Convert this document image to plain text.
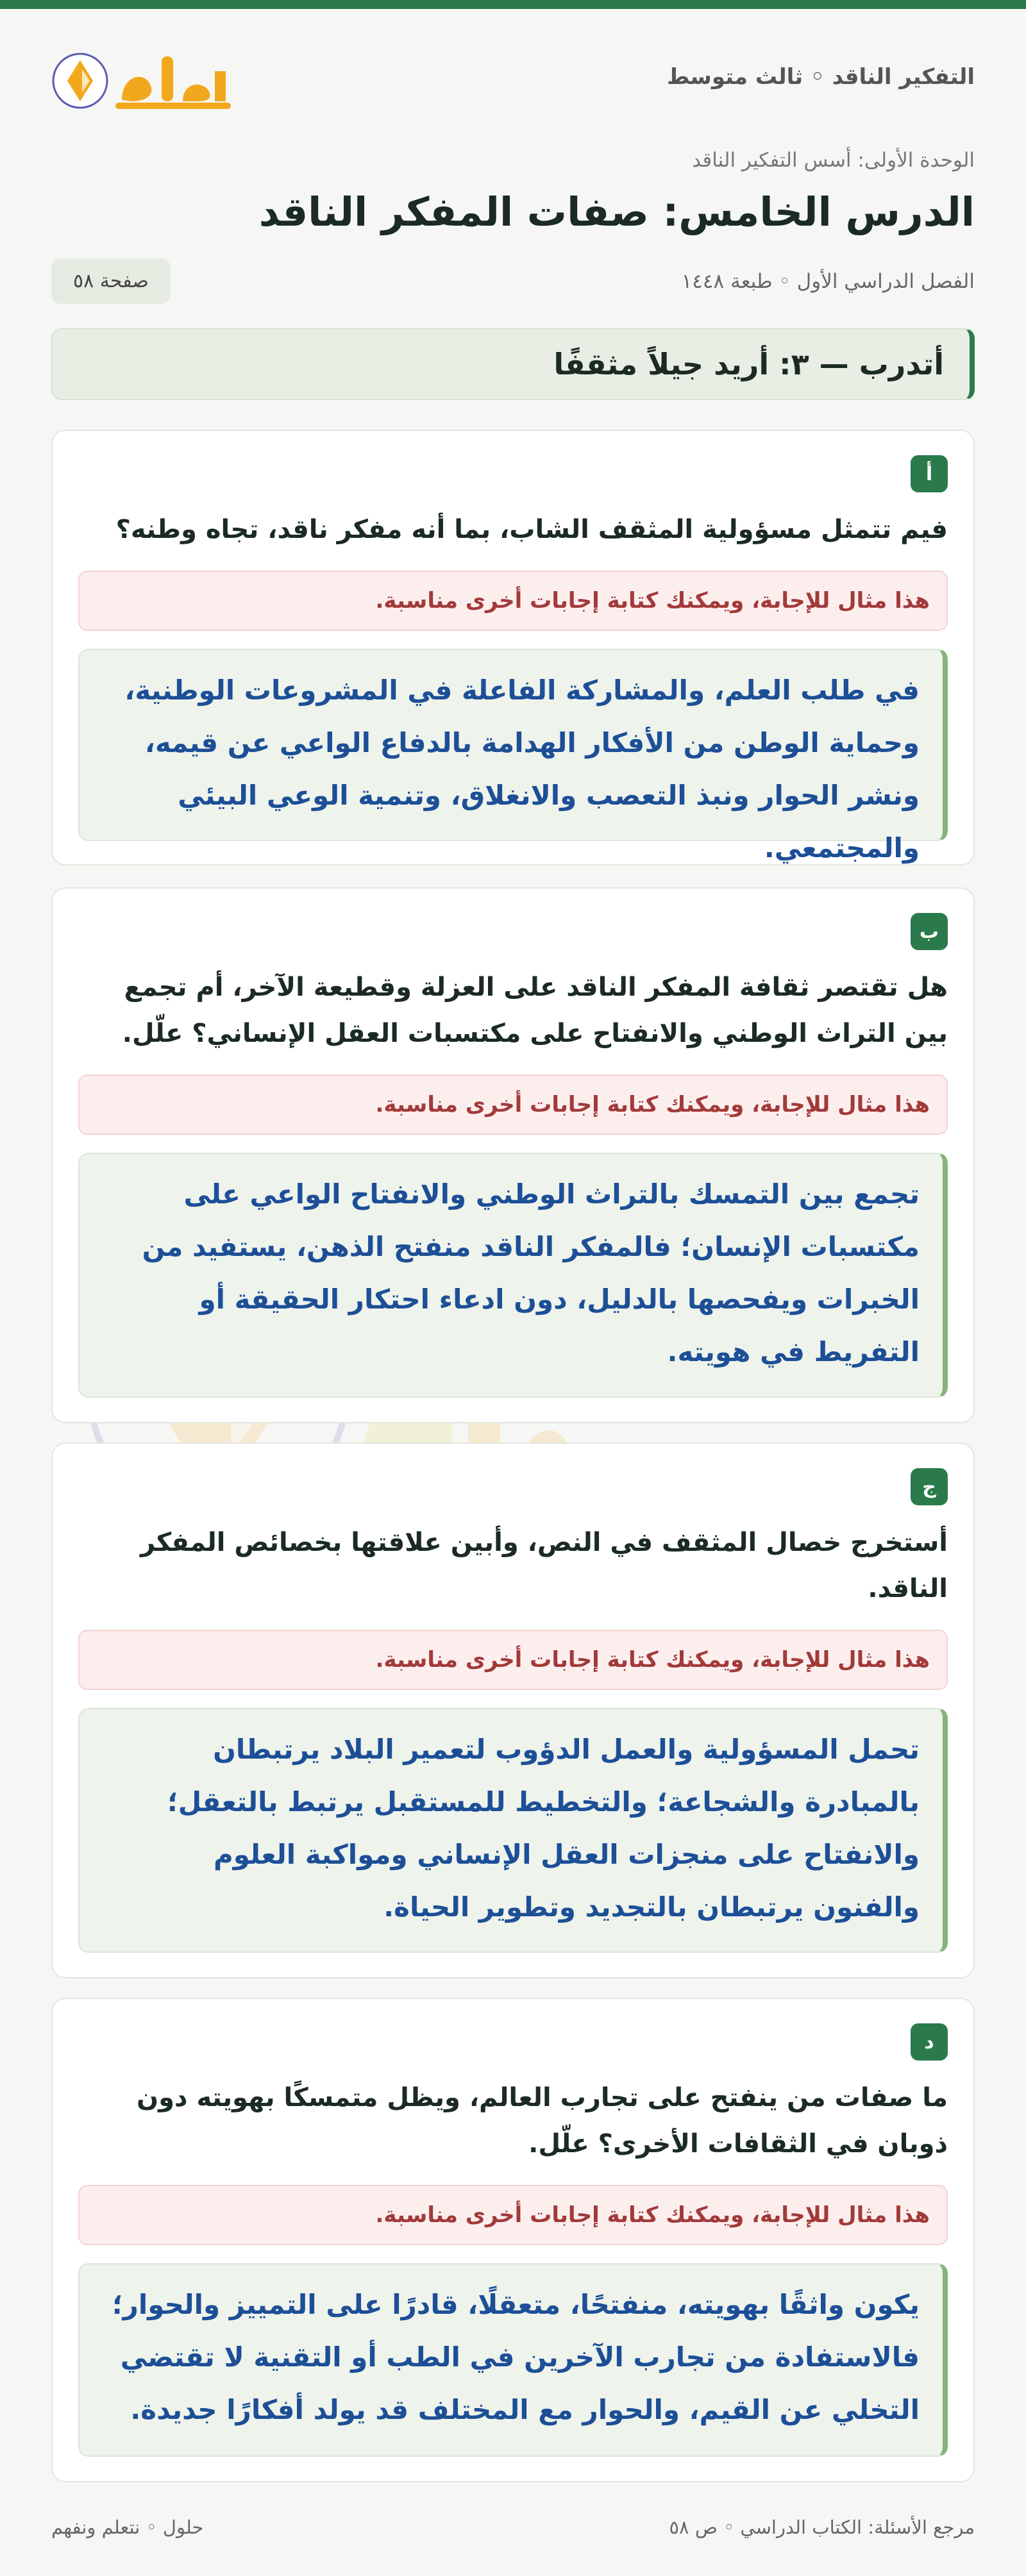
التفكير الناقد ◦ ثالث متوسط
الوحدة الأولى: أسس التفكير الناقد
الدرس الخامس: صفات المفكر الناقد
الفصل الدراسي الأول ◦ طبعة ١٤٤٨
صفحة ٥٨
أتدرب — ٣: أريد جيلاً مثقفًا
أ
فيم تتمثل مسؤولية المثقف الشاب، بما أنه مفكر ناقد، تجاه وطنه؟
هذا مثال للإجابة، ويمكنك كتابة إجابات أخرى مناسبة.
في طلب العلم، والمشاركة الفاعلة في المشروعات الوطنية، وحماية الوطن من الأفكار الهدامة بالدفاع الواعي عن قيمه، ونشر الحوار ونبذ التعصب والانغلاق، وتنمية الوعي البيئي والمجتمعي.
ب
هل تقتصر ثقافة المفكر الناقد على العزلة وقطيعة الآخر، أم تجمع بين التراث الوطني والانفتاح على مكتسبات العقل الإنساني؟ علّل.
هذا مثال للإجابة، ويمكنك كتابة إجابات أخرى مناسبة.
تجمع بين التمسك بالتراث الوطني والانفتاح الواعي على مكتسبات الإنسان؛ فالمفكر الناقد منفتح الذهن، يستفيد من الخبرات ويفحصها بالدليل، دون ادعاء احتكار الحقيقة أو التفريط في هويته.
ج
أستخرج خصال المثقف في النص، وأبين علاقتها بخصائص المفكر الناقد.
هذا مثال للإجابة، ويمكنك كتابة إجابات أخرى مناسبة.
تحمل المسؤولية والعمل الدؤوب لتعمير البلاد يرتبطان بالمبادرة والشجاعة؛ والتخطيط للمستقبل يرتبط بالتعقل؛ والانفتاح على منجزات العقل الإنساني ومواكبة العلوم والفنون يرتبطان بالتجديد وتطوير الحياة.
د
ما صفات من ينفتح على تجارب العالم، ويظل متمسكًا بهويته دون ذوبان في الثقافات الأخرى؟ علّل.
هذا مثال للإجابة، ويمكنك كتابة إجابات أخرى مناسبة.
يكون واثقًا بهويته، منفتحًا، متعقلًا، قادرًا على التمييز والحوار؛ فالاستفادة من تجارب الآخرين في الطب أو التقنية لا تقتضي التخلي عن القيم، والحوار مع المختلف قد يولد أفكارًا جديدة.
مرجع الأسئلة: الكتاب الدراسي ◦ ص ٥٨
حلول ◦ نتعلم ونفهم
